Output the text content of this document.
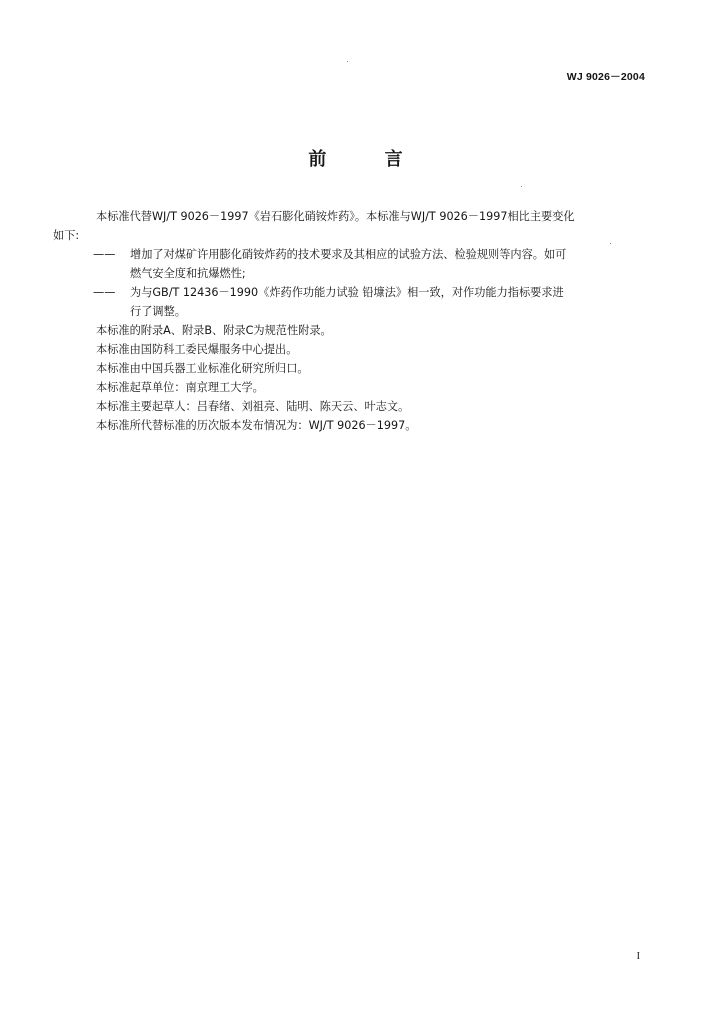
WJ 9026－2004
前 言

本标准代替WJ/T 9026－1997《岩石膨化硝铵炸药》。本标准与WJ/T 9026－1997相比主要变化

如下:

—— 增加了对煤矿许用膨化硝铵炸药的技术要求及其相应的试验方法、检验规则等内容。如可
燃气安全度和抗爆燃性;
—— 为与GB/T 12436－1990《炸药作功能力试验 铅𡐓法》相一致，对作功能力指标要求进
行了调整。

本标准的附录A、附录B、附录C为规范性附录。

本标准由国防科工委民爆服务中心提出。

本标准由中国兵器工业标准化研究所归口。

本标准起草单位：南京理工大学。

本标准主要起草人：吕春绪、刘祖亮、陆明、陈天云、叶志文。

本标准所代替标准的历次版本发布情况为：WJ/T 9026－1997。

I
